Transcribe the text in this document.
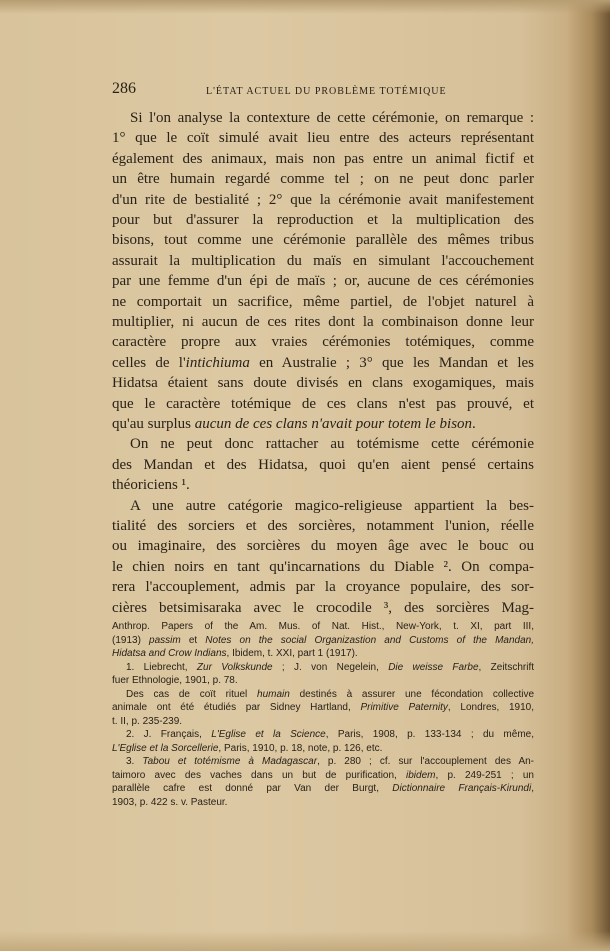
286	L'ÉTAT ACTUEL DU PROBLÈME TOTÉMIQUE
Si l'on analyse la contexture de cette cérémonie, on remarque :
1° que le coït simulé avait lieu entre des acteurs représentant
également des animaux, mais non pas entre un animal fictif et
un être humain regardé comme tel ; on ne peut donc parler
d'un rite de bestialité ; 2° que la cérémonie avait manifestement
pour but d'assurer la reproduction et la multiplication des
bisons, tout comme une cérémonie parallèle des mêmes tribus
assurait la multiplication du maïs en simulant l'accouchement
par une femme d'un épi de maïs ; or, aucune de ces cérémonies
ne comportait un sacrifice, même partiel, de l'objet naturel à
multiplier, ni aucun de ces rites dont la combinaison donne leur
caractère propre aux vraies cérémonies totémiques, comme
celles de l'intichiuma en Australie ; 3° que les Mandan et les
Hidatsa étaient sans doute divisés en clans exogamiques, mais
que le caractère totémique de ces clans n'est pas prouvé, et
qu'au surplus aucun de ces clans n'avait pour totem le bison.
On ne peut donc rattacher au totémisme cette cérémonie
des Mandan et des Hidatsa, quoi qu'en aient pensé certains
théoriciens ¹.
A une autre catégorie magico-religieuse appartient la bes-
tialité des sorciers et des sorcières, notamment l'union, réelle
ou imaginaire, des sorcières du moyen âge avec le bouc ou
le chien noirs en tant qu'incarnations du Diable ². On compa-
rera l'accouplement, admis par la croyance populaire, des sor-
cières betsimisaraka avec le crocodile ³, des sorcières Mag-
Anthrop. Papers of the Am. Mus. of Nat. Hist., New-York, t. XI, part III,
(1913) passim et Notes on the social Organizastion and Customs of the Mandan,
Hidatsa and Crow Indians, Ibidem, t. XXI, part 1 (1917).
1. Liebrecht, Zur Volkskunde ; J. von Negelein, Die weisse Farbe, Zeitschrift
fuer Ethnologie, 1901, p. 78.
Des cas de coït rituel humain destinés à assurer une fécondation collective
animale ont été étudiés par Sidney Hartland, Primitive Paternity, Londres, 1910,
t. II, p. 235-239.
2. J. Français, L'Eglise et la Science, Paris, 1908, p. 133-134 ; du même,
L'Eglise et la Sorcellerie, Paris, 1910, p. 18, note, p. 126, etc.
3. Tabou et totémisme à Madagascar, p. 280 ; cf. sur l'accouplement des An-
taimoro avec des vaches dans un but de purification, ibidem, p. 249-251 ; un
parallèle cafre est donné par Van der Burgt, Dictionnaire Français-Kirundi,
1903, p. 422 s. v. Pasteur.
